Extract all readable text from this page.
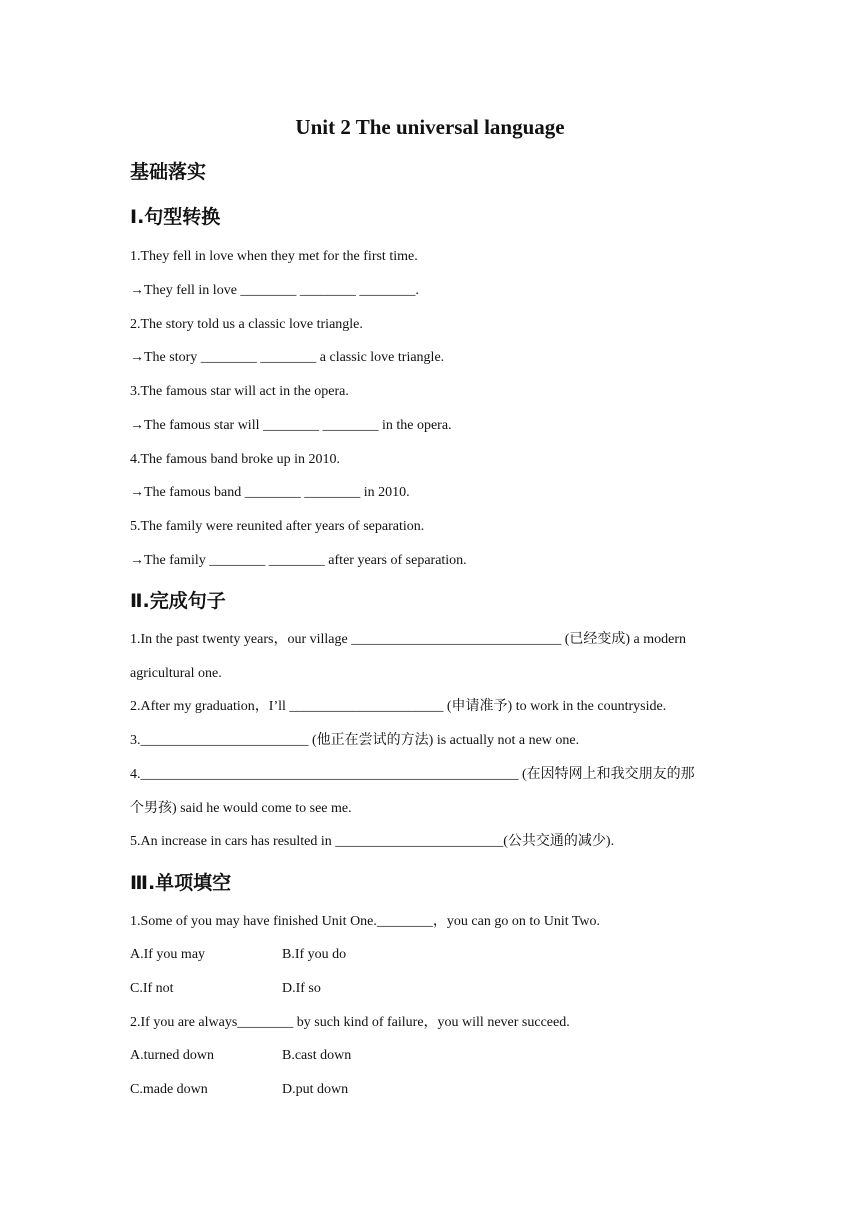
Unit 2 The universal language
基础落实
Ⅰ.句型转换
1.They fell in love when they met for the first time.
→They fell in love ________ ________ ________.
2.The story told us a classic love triangle.
→The story ________ ________ a classic love triangle.
3.The famous star will act in the opera.
→The famous star will ________ ________ in the opera.
4.The famous band broke up in 2010.
→The famous band ________ ________ in 2010.
5.The family were reunited after years of separation.
→The family ________ ________ after years of separation.
Ⅱ.完成句子
1.In the past twenty years，our village ______________________________ (已经变成) a modern
agricultural one.
2.After my graduation，I’ll ______________________ (申请准予) to work in the countryside.
3.________________________ (他正在尝试的方法) is actually not a new one.
4.______________________________________________________ (在因特网上和我交朋友的那
个男孩) said he would come to see me.
5.An increase in cars has resulted in ________________________(公共交通的减少).
Ⅲ.单项填空
1.Some of you may have finished Unit One.________，you can go on to Unit Two.
A.If you may	B.If you do
C.If not	D.If so
2.If you are always________ by such kind of failure，you will never succeed.
A.turned down	B.cast down
C.made down	D.put down
